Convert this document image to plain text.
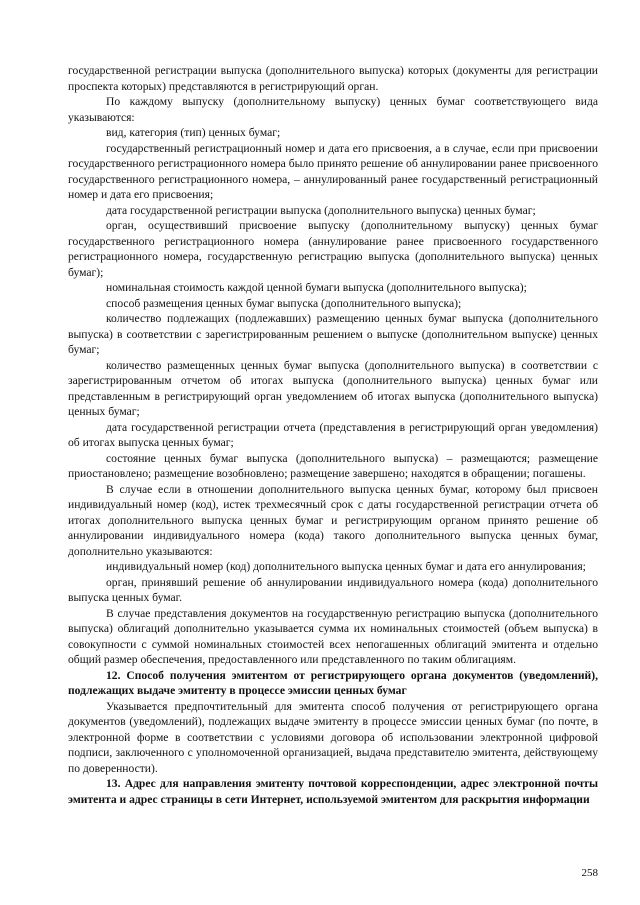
государственной регистрации выпуска (дополнительного выпуска) которых (документы для регистрации проспекта которых) представляются в регистрирующий орган.

По каждому выпуску (дополнительному выпуску) ценных бумаг соответствующего вида указываются:

вид, категория (тип) ценных бумаг;

государственный регистрационный номер и дата его присвоения, а в случае, если при присвоении государственного регистрационного номера было принято решение об аннулировании ранее присвоенного государственного регистрационного номера, – аннулированный ранее государственный регистрационный номер и дата его присвоения;

дата государственной регистрации выпуска (дополнительного выпуска) ценных бумаг;

орган, осуществивший присвоение выпуску (дополнительному выпуску) ценных бумаг государственного регистрационного номера (аннулирование ранее присвоенного государственного регистрационного номера, государственную регистрацию выпуска (дополнительного выпуска) ценных бумаг);

номинальная стоимость каждой ценной бумаги выпуска (дополнительного выпуска);

способ размещения ценных бумаг выпуска (дополнительного выпуска);

количество подлежащих (подлежавших) размещению ценных бумаг выпуска (дополнительного выпуска) в соответствии с зарегистрированным решением о выпуске (дополнительном выпуске) ценных бумаг;

количество размещенных ценных бумаг выпуска (дополнительного выпуска) в соответствии с зарегистрированным отчетом об итогах выпуска (дополнительного выпуска) ценных бумаг или представленным в регистрирующий орган уведомлением об итогах выпуска (дополнительного выпуска) ценных бумаг;

дата государственной регистрации отчета (представления в регистрирующий орган уведомления) об итогах выпуска ценных бумаг;

состояние ценных бумаг выпуска (дополнительного выпуска) – размещаются; размещение приостановлено; размещение возобновлено; размещение завершено; находятся в обращении; погашены.

В случае если в отношении дополнительного выпуска ценных бумаг, которому был присвоен индивидуальный номер (код), истек трехмесячный срок с даты государственной регистрации отчета об итогах дополнительного выпуска ценных бумаг и регистрирующим органом принято решение об аннулировании индивидуального номера (кода) такого дополнительного выпуска ценных бумаг, дополнительно указываются:

индивидуальный номер (код) дополнительного выпуска ценных бумаг и дата его аннулирования;

орган, принявший решение об аннулировании индивидуального номера (кода) дополнительного выпуска ценных бумаг.

В случае представления документов на государственную регистрацию выпуска (дополнительного выпуска) облигаций дополнительно указывается сумма их номинальных стоимостей (объем выпуска) в совокупности с суммой номинальных стоимостей всех непогашенных облигаций эмитента и отдельно общий размер обеспечения, предоставленного или представленного по таким облигациям.

12. Способ получения эмитентом от регистрирующего органа документов (уведомлений), подлежащих выдаче эмитенту в процессе эмиссии ценных бумаг

Указывается предпочтительный для эмитента способ получения от регистрирующего органа документов (уведомлений), подлежащих выдаче эмитенту в процессе эмиссии ценных бумаг (по почте, в электронной форме в соответствии с условиями договора об использовании электронной цифровой подписи, заключенного с уполномоченной организацией, выдача представителю эмитента, действующему по доверенности).

13. Адрес для направления эмитенту почтовой корреспонденции, адрес электронной почты эмитента и адрес страницы в сети Интернет, используемой эмитентом для раскрытия информации

258
